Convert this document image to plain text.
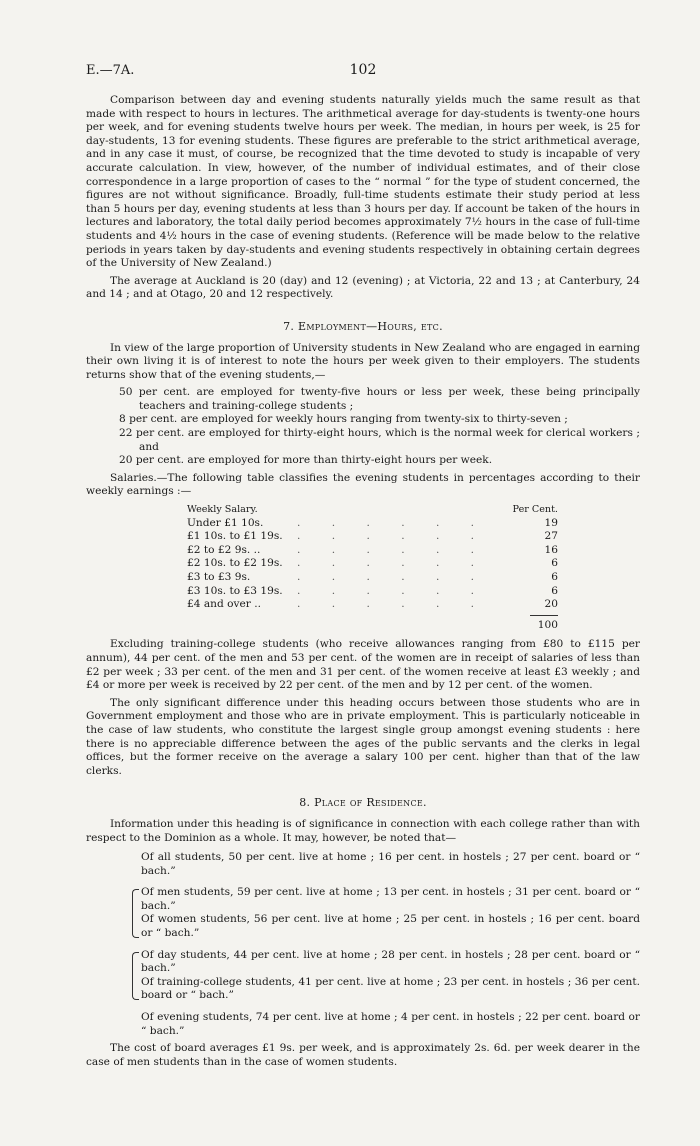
E.—7A.	102

Comparison between day and evening students naturally yields much the same result as that made with respect to hours in lectures. The arithmetical average for day-students is twenty-one hours per week, and for evening students twelve hours per week. The median, in hours per week, is 25 for day-students, 13 for evening students. These figures are preferable to the strict arithmetical average, and in any case it must, of course, be recognized that the time devoted to study is incapable of very accurate calculation. In view, however, of the number of individual estimates, and of their close correspondence in a large proportion of cases to the “ normal ” for the type of student concerned, the figures are not without significance. Broadly, full-time students estimate their study period at less than 5 hours per day, evening students at less than 3 hours per day. If account be taken of the hours in lectures and laboratory, the total daily period becomes approximately 7½ hours in the case of full-time students and 4½ hours in the case of evening students. (Reference will be made below to the relative periods in years taken by day-students and evening students respectively in obtaining certain degrees of the University of New Zealand.)

The average at Auckland is 20 (day) and 12 (evening) ; at Victoria, 22 and 13 ; at Canterbury, 24 and 14 ; and at Otago, 20 and 12 respectively.

7. Employment—Hours, etc.

In view of the large proportion of University students in New Zealand who are engaged in earning their own living it is of interest to note the hours per week given to their employers. The students returns show that of the evening students,—

50 per cent. are employed for twenty-five hours or less per week, these being principally teachers and training-college students ;

8 per cent. are employed for weekly hours ranging from twenty-six to thirty-seven ;

22 per cent. are employed for thirty-eight hours, which is the normal week for clerical workers ; and

20 per cent. are employed for more than thirty-eight hours per week.

Salaries.—The following table classifies the evening students in percentages according to their weekly earnings :—

Weekly Salary.	Per Cent.
Under £1 10s.	. . . . . .	19
£1 10s. to £1 19s.	. . . . . .	27
£2 to £2 9s. ..	. . . . . .	16
£2 10s. to £2 19s.	. . . . . .	6
£3 to £3 9s.	. . . . . .	6
£3 10s. to £3 19s.	. . . . . .	6
£4 and over ..	. . . . . .	20
100

Excluding training-college students (who receive allowances ranging from £80 to £115 per annum), 44 per cent. of the men and 53 per cent. of the women are in receipt of salaries of less than £2 per week ; 33 per cent. of the men and 31 per cent. of the women receive at least £3 weekly ; and £4 or more per week is received by 22 per cent. of the men and by 12 per cent. of the women.

The only significant difference under this heading occurs between those students who are in Government employment and those who are in private employment. This is particularly noticeable in the case of law students, who constitute the largest single group amongst evening students : here there is no appreciable difference between the ages of the public servants and the clerks in legal offices, but the former receive on the average a salary 100 per cent. higher than that of the law clerks.

8. Place of Residence.

Information under this heading is of significance in connection with each college rather than with respect to the Dominion as a whole. It may, however, be noted that—

Of all students, 50 per cent. live at home ; 16 per cent. in hostels ; 27 per cent. board or “ bach.”

Of men students, 59 per cent. live at home ; 13 per cent. in hostels ; 31 per cent. board or “ bach.”

Of women students, 56 per cent. live at home ; 25 per cent. in hostels ; 16 per cent. board or “ bach.”

Of day students, 44 per cent. live at home ; 28 per cent. in hostels ; 28 per cent. board or “ bach.”

Of training-college students, 41 per cent. live at home ; 23 per cent. in hostels ; 36 per cent. board or “ bach.”

Of evening students, 74 per cent. live at home ; 4 per cent. in hostels ; 22 per cent. board or “ bach.”

The cost of board averages £1 9s. per week, and is approximately 2s. 6d. per week dearer in the case of men students than in the case of women students.
